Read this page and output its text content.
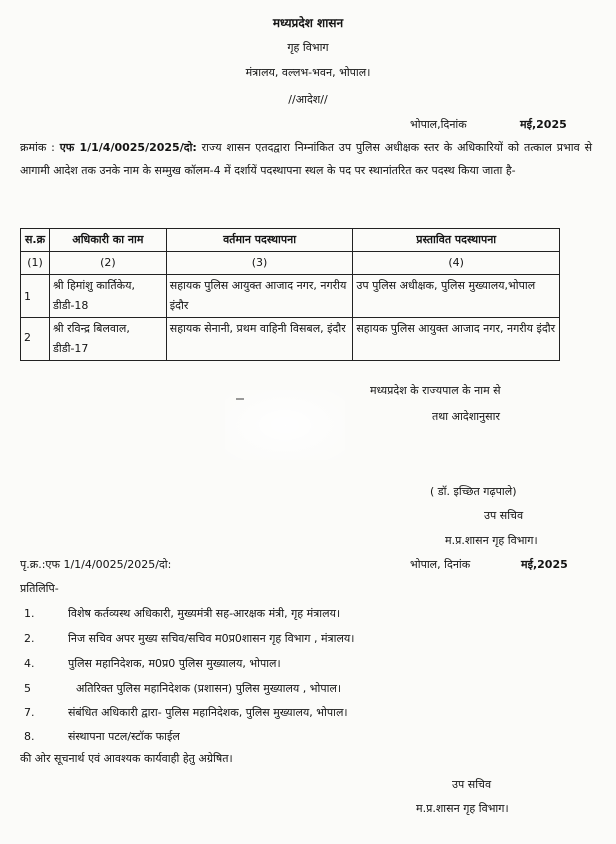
मध्यप्रदेश शासन
गृह विभाग
मंत्रालय, वल्लभ-भवन, भोपाल।
//आदेश//
भोपाल,दिनांक	मई,2025
क्रमांक : एफ 1/1/4/0025/2025/दो: राज्य शासन एतदद्वारा निम्नांकित उप पुलिस अधीक्षक स्तर के अधिकारियों को तत्काल प्रभाव से आगामी आदेश तक उनके नाम के सम्मुख कॉलम-4 में दर्शायें पदस्थापना स्थल के पद पर स्थानांतरित कर पदस्थ किया जाता है-
स.क्र	अधिकारी का नाम	वर्तमान पदस्थापना	प्रस्तावित पदस्थापना
(1)	(2)	(3)	(4)
1	श्री हिमांशु कार्तिकेय, डीडी-18	सहायक पुलिस आयुक्त आजाद नगर, नगरीय इंदौर	उप पुलिस अधीक्षक, पुलिस मुख्यालय,भोपाल
2	श्री रविन्द्र बिलवाल, डीडी-17	सहायक सेनानी, प्रथम वाहिनी विसबल, इंदौर	सहायक पुलिस आयुक्त आजाद नगर, नगरीय इंदौर
मध्यप्रदेश के राज्यपाल के नाम से
तथा आदेशानुसार
( डॉ. इच्छित गढ़पाले)
उप सचिव
म.प्र.शासन गृह विभाग।
पृ.क्र.:एफ 1/1/4/0025/2025/दो:	भोपाल, दिनांक	मई,2025
प्रतिलिपि-
1.	विशेष कर्तव्यस्थ अधिकारी, मुख्यमंत्री सह-आरक्षक मंत्री, गृह मंत्रालय।
2.	निज सचिव अपर मुख्य सचिव/सचिव म0प्र0शासन गृह विभाग , मंत्रालय।
4.	पुलिस महानिदेशक, म0प्र0 पुलिस मुख्यालय, भोपाल।
5	अतिरिक्त पुलिस महानिदेशक (प्रशासन) पुलिस मुख्यालय , भोपाल।
7.	संबंधित अधिकारी द्वारा- पुलिस महानिदेशक, पुलिस मुख्यालय, भोपाल।
8.	संस्थापना पटल/स्टॉक फाईल
की ओर सूचनार्थ एवं आवश्यक कार्यवाही हेतु अग्रेषित।
उप सचिव
म.प्र.शासन गृह विभाग।
